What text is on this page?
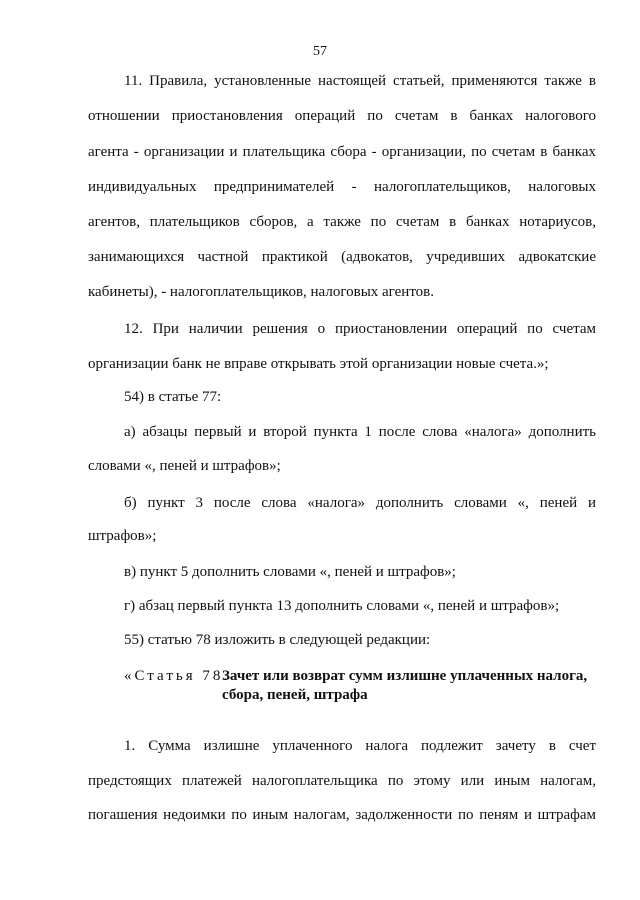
57
11. Правила, установленные настоящей статьей, применяются также в
отношении приостановления операций по счетам в банках налогового
агента - организации и плательщика сбора - организации, по счетам в банках
индивидуальных предпринимателей - налогоплательщиков, налоговых
агентов, плательщиков сборов, а также по счетам в банках нотариусов,
занимающихся частной практикой (адвокатов, учредивших адвокатские
кабинеты), - налогоплательщиков, налоговых агентов.
12. При наличии решения о приостановлении операций по счетам
организации банк не вправе открывать этой организации новые счета.»;
54) в статье 77:
а) абзацы первый и второй пункта 1 после слова «налога» дополнить
словами «, пеней и штрафов»;
б) пункт 3 после слова «налога» дополнить словами «, пеней и
штрафов»;
в) пункт 5 дополнить словами «, пеней и штрафов»;
г) абзац первый пункта 13 дополнить словами «, пеней и штрафов»;
55) статью 78 изложить в следующей редакции:
«Статья 78.
Зачет или возврат сумм излишне уплаченных налога,
сбора, пеней, штрафа
1. Сумма излишне уплаченного налога подлежит зачету в счет
предстоящих платежей налогоплательщика по этому или иным налогам,
погашения недоимки по иным налогам, задолженности по пеням и штрафам
